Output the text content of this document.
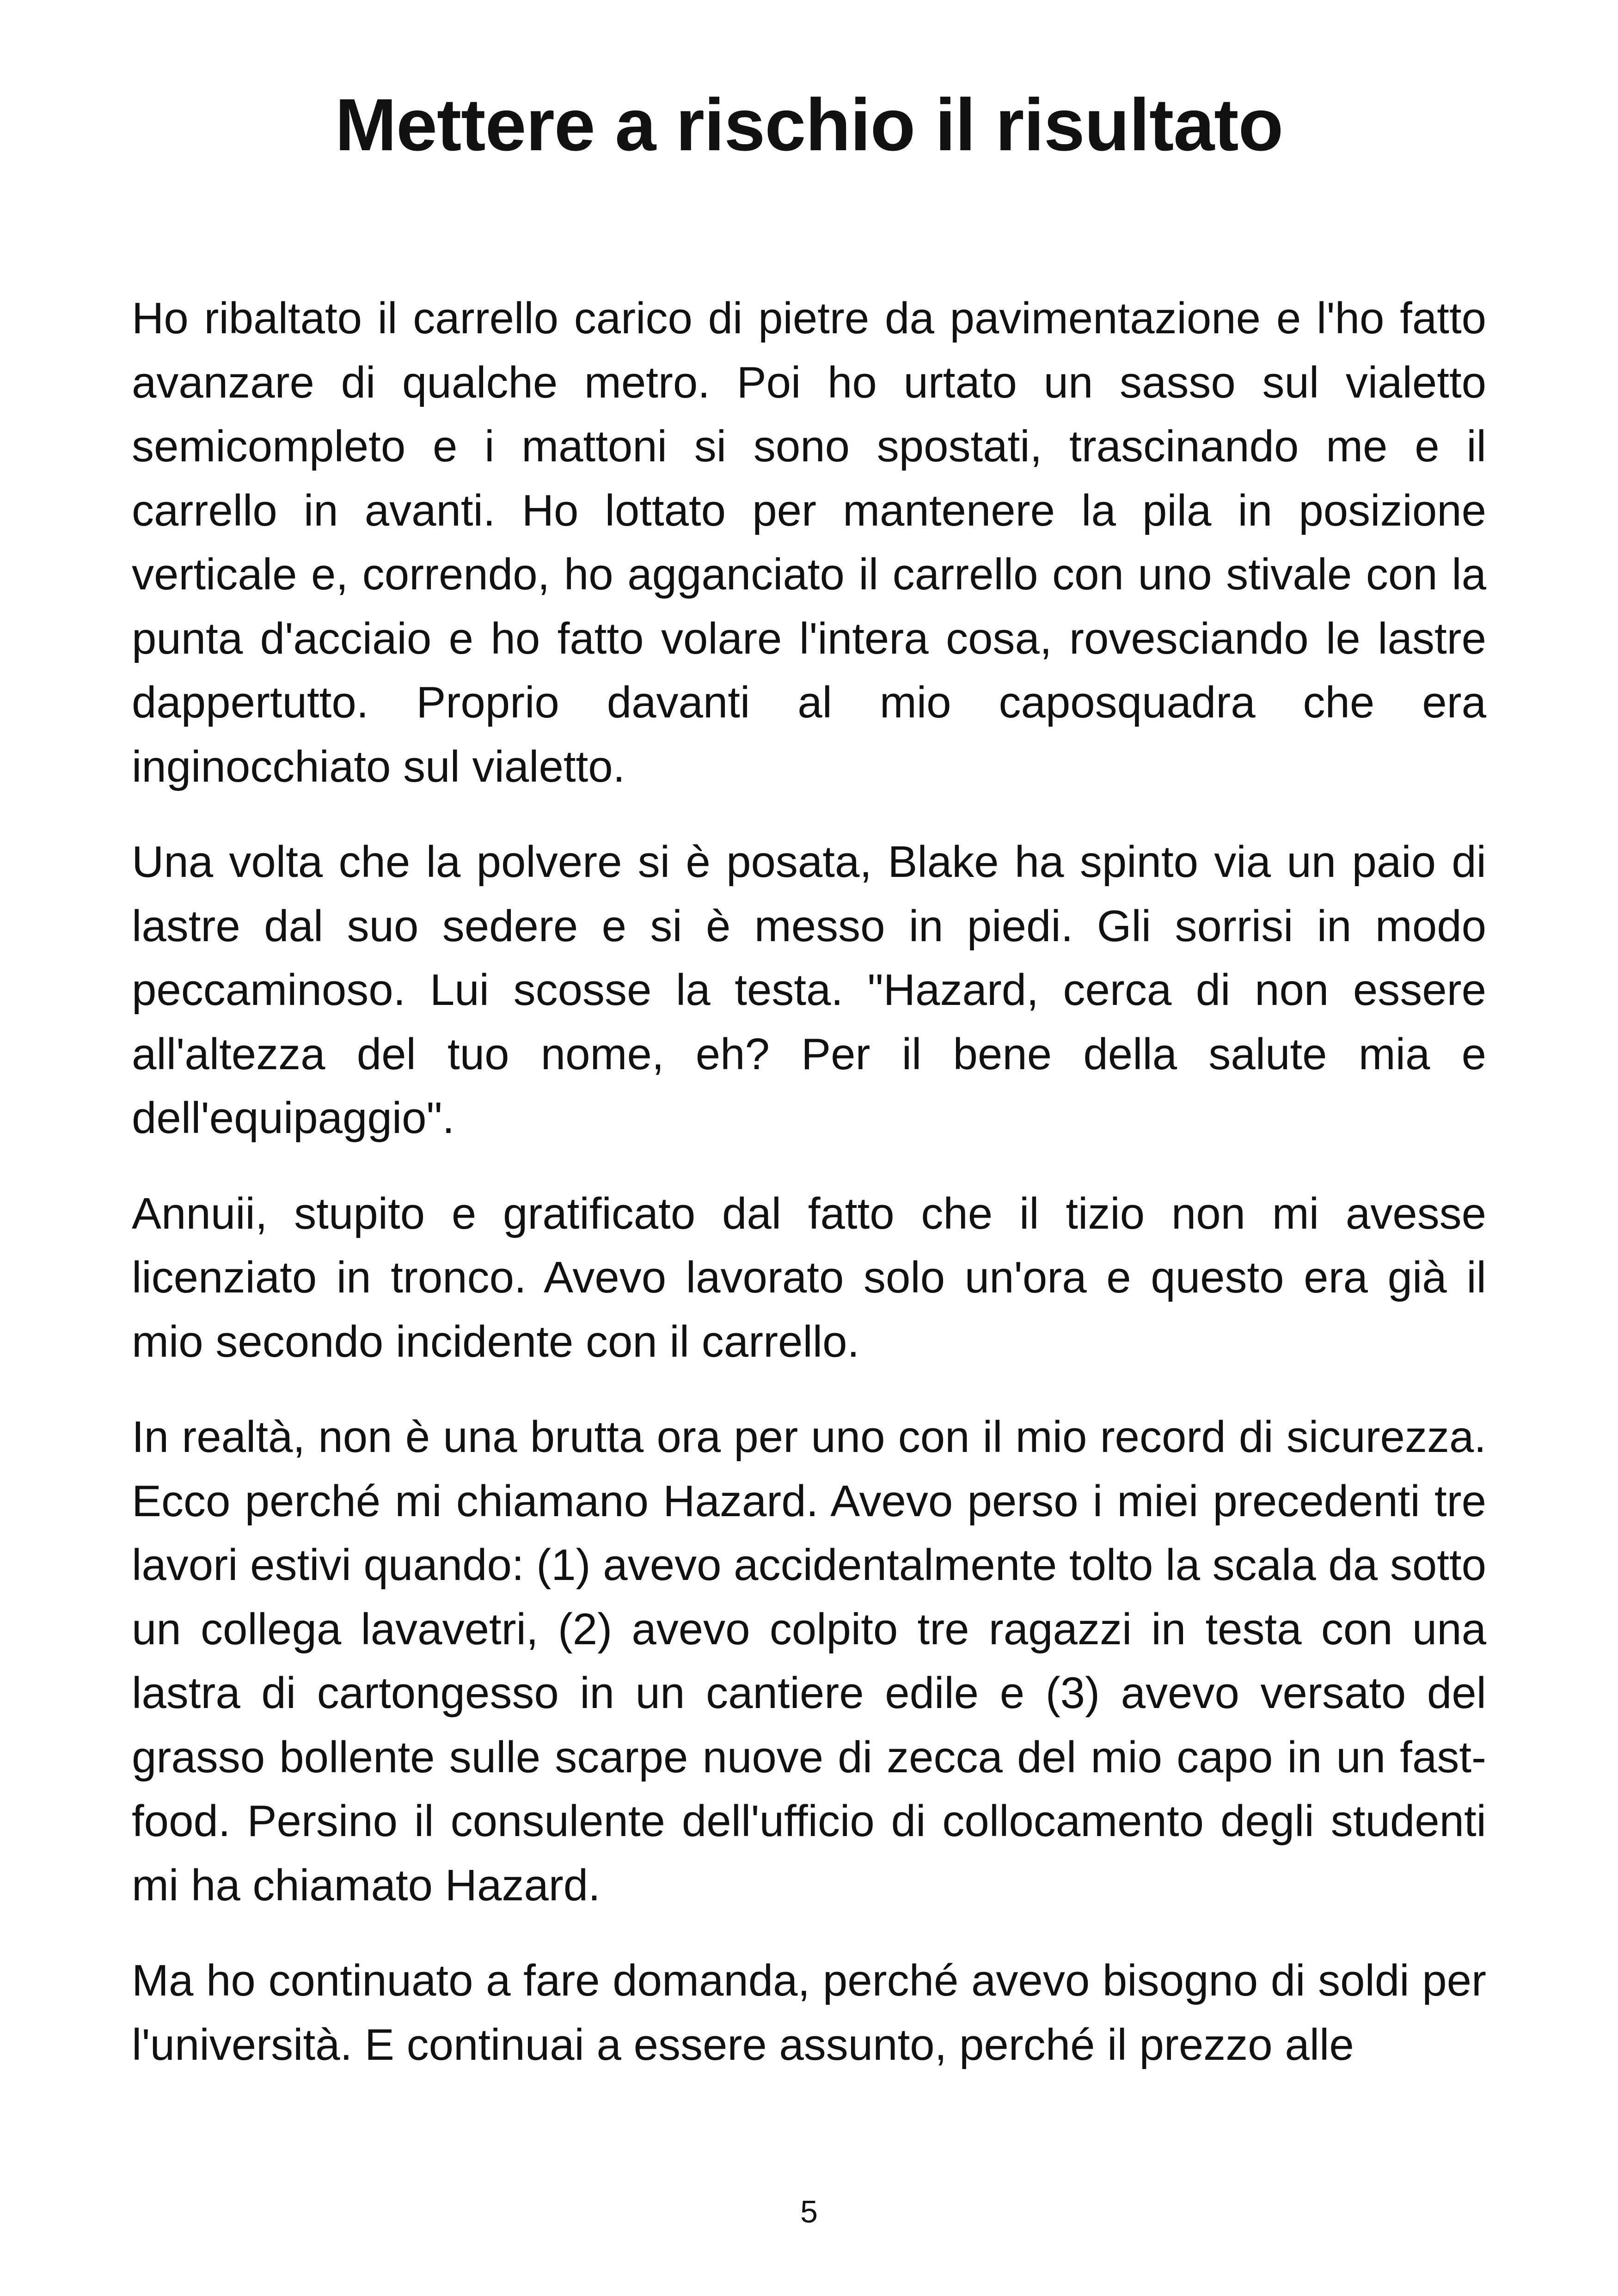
Mettere a rischio il risultato

Ho ribaltato il carrello carico di pietre da pavimentazione e l'ho fatto avanzare di qualche metro. Poi ho urtato un sasso sul vialetto semicompleto e i mattoni si sono spostati, trascinando me e il carrello in avanti. Ho lottato per mantenere la pila in posizione verticale e, correndo, ho agganciato il carrello con uno stivale con la punta d'acciaio e ho fatto volare l'intera cosa, rovesciando le lastre dappertutto. Proprio davanti al mio caposquadra che era inginocchiato sul vialetto.

Una volta che la polvere si è posata, Blake ha spinto via un paio di lastre dal suo sedere e si è messo in piedi. Gli sorrisi in modo peccaminoso. Lui scosse la testa. "Hazard, cerca di non essere all'altezza del tuo nome, eh? Per il bene della salute mia e dell'equipaggio".

Annuii, stupito e gratificato dal fatto che il tizio non mi avesse licenziato in tronco. Avevo lavorato solo un'ora e questo era già il mio secondo incidente con il carrello.

In realtà, non è una brutta ora per uno con il mio record di sicurezza. Ecco perché mi chiamano Hazard. Avevo perso i miei precedenti tre lavori estivi quando: (1) avevo accidentalmente tolto la scala da sotto un collega lavavetri, (2) avevo colpito tre ragazzi in testa con una lastra di cartongesso in un cantiere edile e (3) avevo versato del grasso bollente sulle scarpe nuove di zecca del mio capo in un fast-food. Persino il consulente dell'ufficio di collocamento degli studenti mi ha chiamato Hazard.

Ma ho continuato a fare domanda, perché avevo bisogno di soldi per l'università. E continuai a essere assunto, perché il prezzo alle

5
